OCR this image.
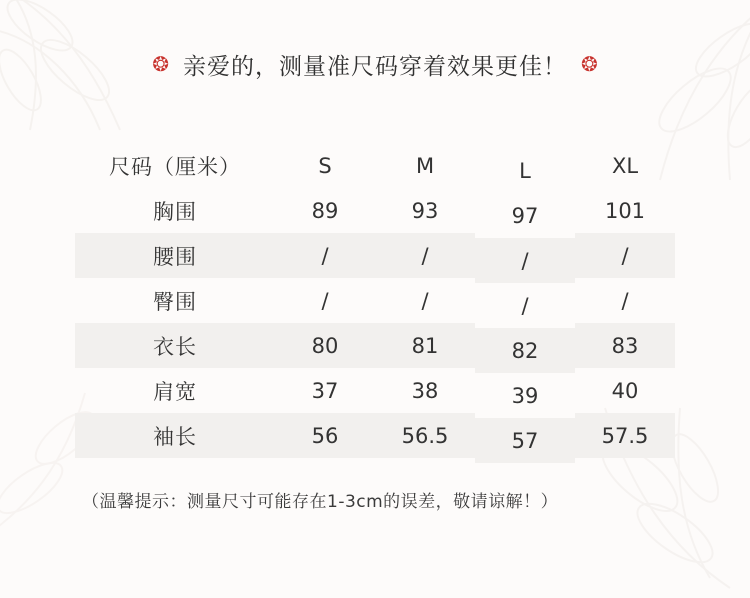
❂ 亲爱的，测量准尺码穿着效果更佳！ ❂
尺码（厘米）	S	M	L	XL
胸围	89	93	97	101
腰围	/	/	/	/
臀围	/	/	/	/
衣长	80	81	82	83
肩宽	37	38	39	40
袖长	56	56.5	57	57.5
（温馨提示：测量尺寸可能存在1-3cm的误差，敬请谅解！）
